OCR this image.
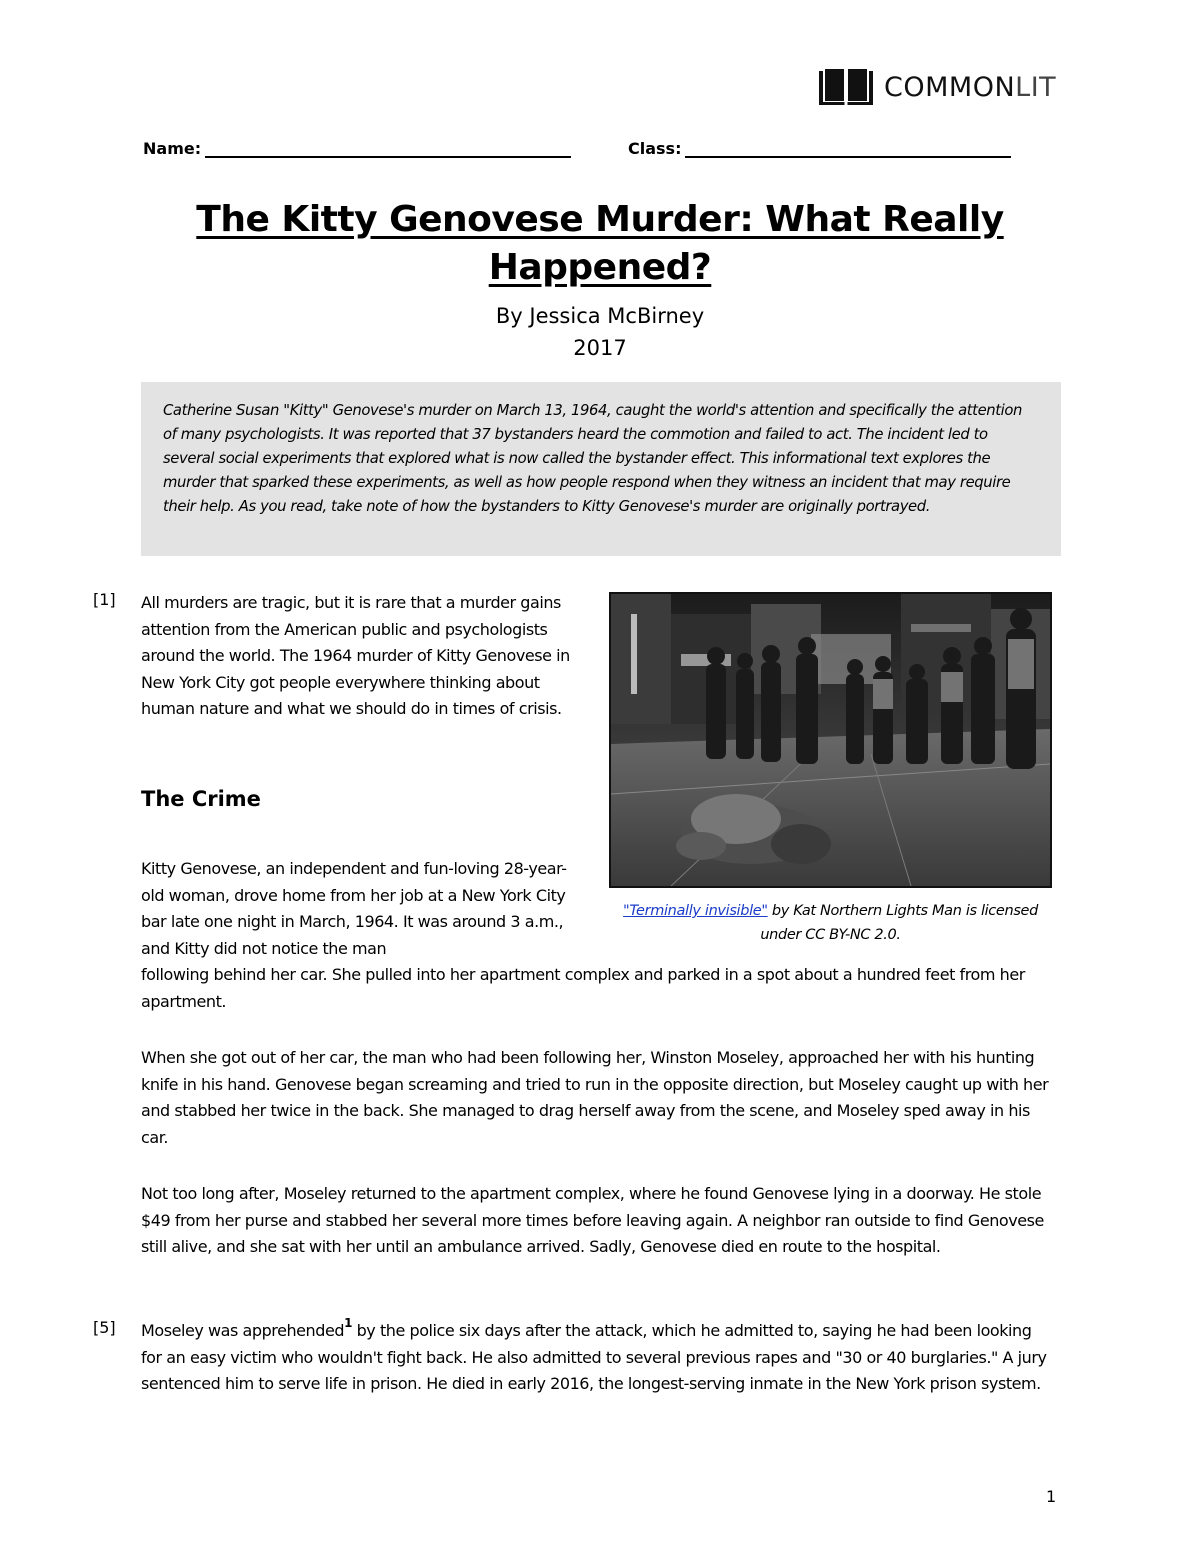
COMMONLIT
Name:	Class:
The Kitty Genovese Murder: What Really Happened?
By Jessica McBirney
2017
Catherine Susan "Kitty" Genovese's murder on March 13, 1964, caught the world's attention and specifically the attention of many psychologists. It was reported that 37 bystanders heard the commotion and failed to act. The incident led to several social experiments that explored what is now called the bystander effect. This informational text explores the murder that sparked these experiments, as well as how people respond when they witness an incident that may require their help. As you read, take note of how the bystanders to Kitty Genovese's murder are originally portrayed.
[1] All murders are tragic, but it is rare that a murder gains attention from the American public and psychologists around the world. The 1964 murder of Kitty Genovese in New York City got people everywhere thinking about human nature and what we should do in times of crisis.

The Crime

Kitty Genovese, an independent and fun-loving 28-year-old woman, drove home from her job at a New York City bar late one night in March, 1964. It was around 3 a.m., and Kitty did not notice the man

following behind her car. She pulled into her apartment complex and parked in a spot about a hundred feet from her apartment.

When she got out of her car, the man who had been following her, Winston Moseley, approached her with his hunting knife in his hand. Genovese began screaming and tried to run in the opposite direction, but Moseley caught up with her and stabbed her twice in the back. She managed to drag herself away from the scene, and Moseley sped away in his car.

Not too long after, Moseley returned to the apartment complex, where he found Genovese lying in a doorway. He stole $49 from her purse and stabbed her several more times before leaving again. A neighbor ran outside to find Genovese still alive, and she sat with her until an ambulance arrived. Sadly, Genovese died en route to the hospital.

[5] Moseley was apprehended$^1$ by the police six days after the attack, which he admitted to, saying he had been looking for an easy victim who wouldn't fight back. He also admitted to several previous rapes and "30 or 40 burglaries." A jury sentenced him to serve life in prison. He died in early 2016, the longest-serving inmate in the New York prison system.

"Terminally invisible" by Kat Northern Lights Man is licensed under CC BY-NC 2.0.
1
